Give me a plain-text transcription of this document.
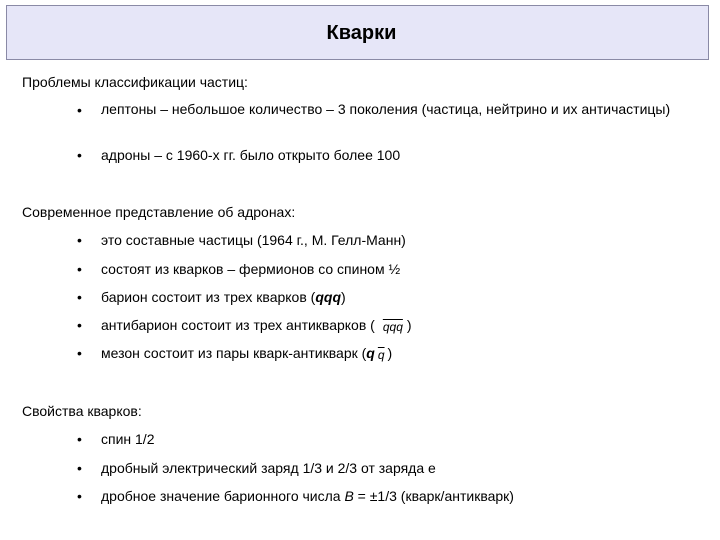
Кварки
Проблемы классификации частиц:
• лептоны – небольшое количество – 3 поколения (частица, нейтрино и их античастицы)
• адроны – с 1960-х гг. было открыто более 100
Современное представление об адронах:
• это составные частицы (1964 г., М. Гелл-Манн)
• состоят из кварков – фермионов со спином ½
• барион состоит из трех кварков (qqq)
• антибарион состоит из трех антикварков ( $\overline{qqq}$ )
• мезон состоит из пары кварк-антикварк (q $\overline{q}$ )
Свойства кварков:
• спин 1/2
• дробный электрический заряд 1/3 и 2/3 от заряда e
• дробное значение барионного числа B = ±1/3 (кварк/антикварк)
